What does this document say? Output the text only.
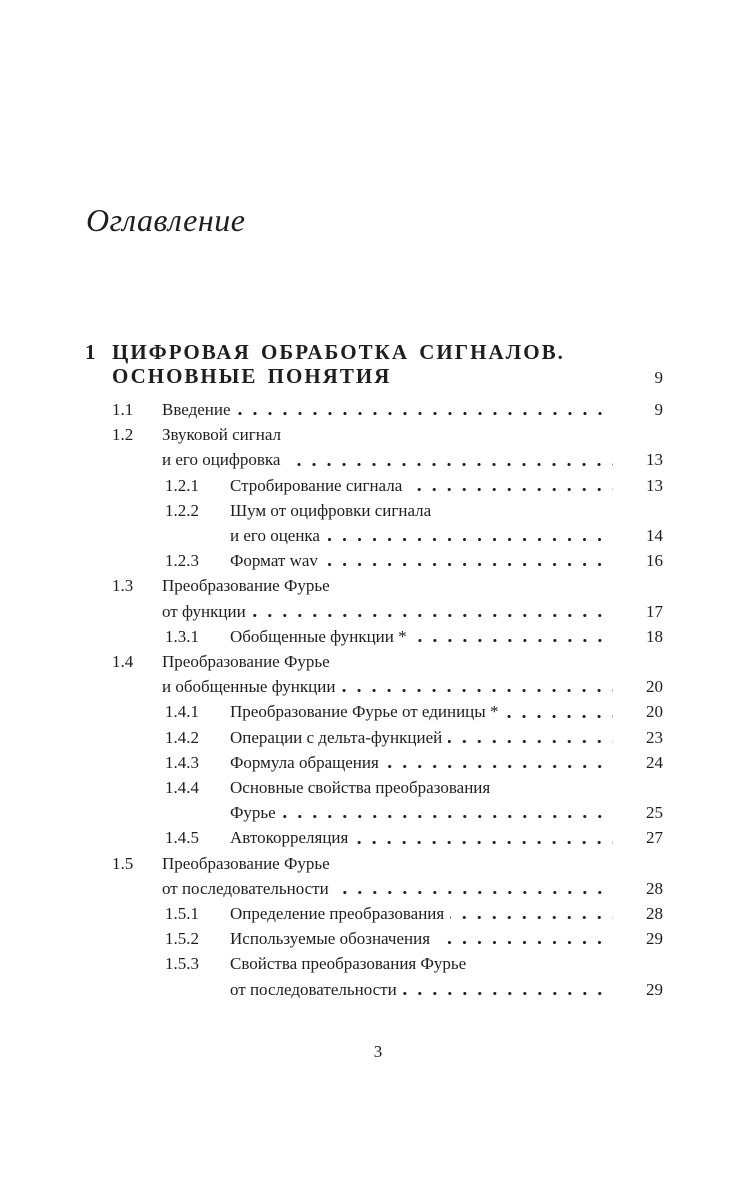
Оглавление
1 ЦИФРОВАЯ ОБРАБОТКА СИГНАЛОВ.
ОСНОВНЫЕ ПОНЯТИЯ	9
1.1	Введение	9
1.2	Звуковой сигнал
и его оцифровка	13
1.2.1	Стробирование сигнала	13
1.2.2	Шум от оцифровки сигнала
и его оценка	14
1.2.3	Формат wav	16
1.3	Преобразование Фурье
от функции	17
1.3.1	Обобщенные функции *	18
1.4	Преобразование Фурье
и обобщенные функции	20
1.4.1	Преобразование Фурье от единицы *	20
1.4.2	Операции с дельта-функцией	23
1.4.3	Формула обращения	24
1.4.4	Основные свойства преобразования
Фурье	25
1.4.5	Автокорреляция	27
1.5	Преобразование Фурье
от последовательности	28
1.5.1	Определение преобразования	28
1.5.2	Используемые обозначения	29
1.5.3	Свойства преобразования Фурье
от последовательности	29
3
